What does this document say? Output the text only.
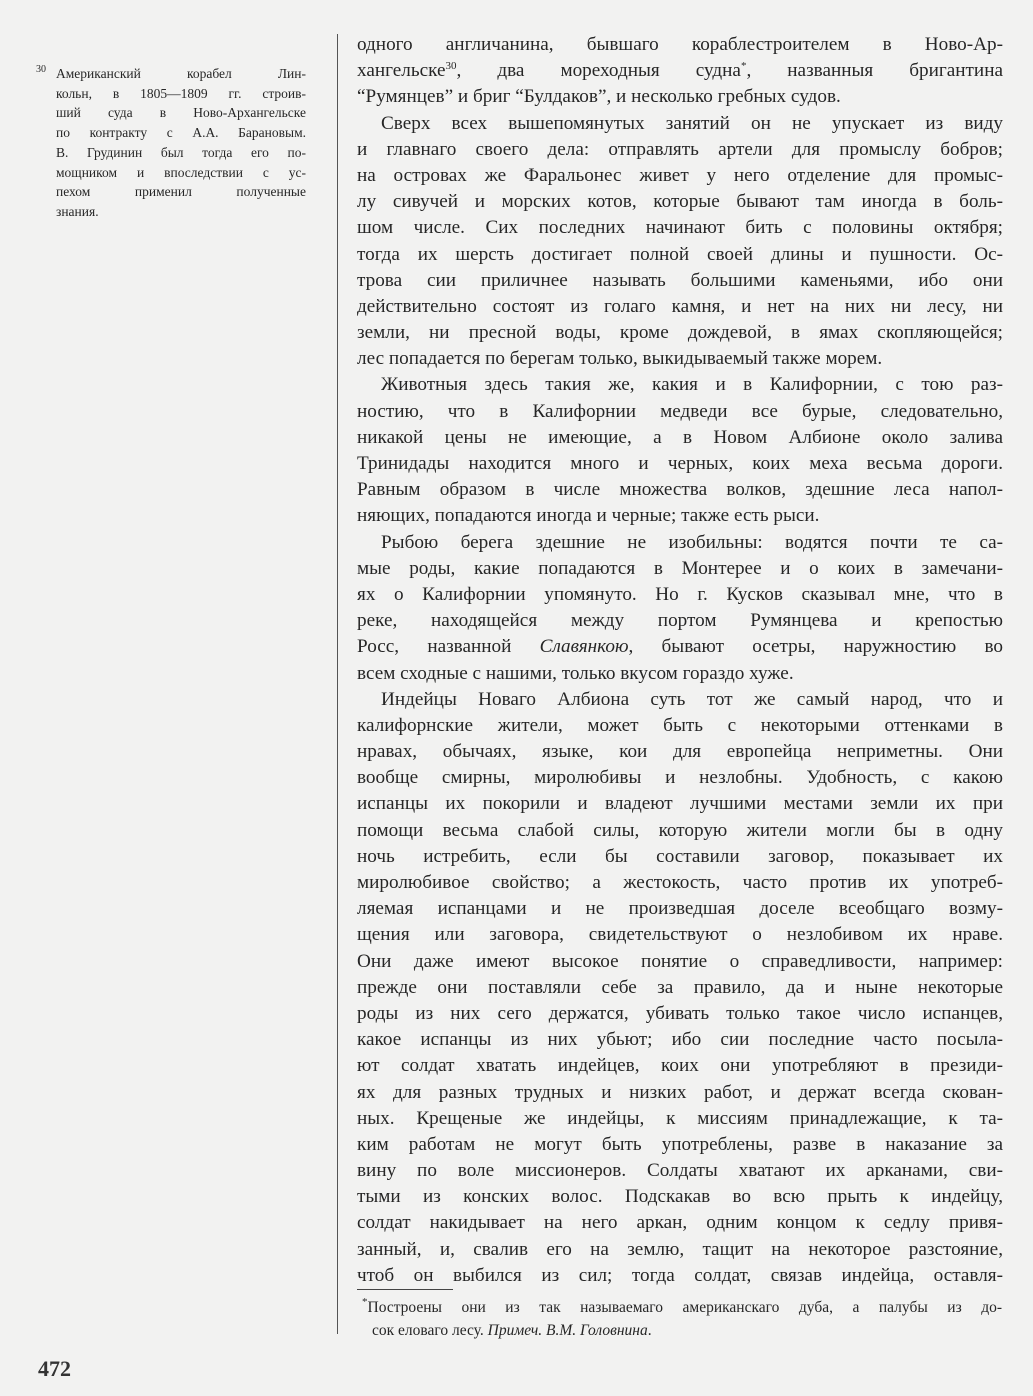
30 Американский корабел Лин-
кольн, в 1805—1809 гг. строив-
ший суда в Ново-Архангельске
по контракту с А.А. Барановым.
В. Грудинин был тогда его по-
мощником и впоследствии с ус-
пехом применил полученные
знания.
одного англичанина, бывшаго кораблестроителем в Ново-Ар-
хангельске$^{30}$, два мореходныя судна*, названныя бригантина
“Румянцев” и бриг “Булдаков”, и несколько гребных судов.
Сверх всех вышепомянутых занятий он не упускает из виду
и главнаго своего дела: отправлять артели для промыслу бобров;
на островах же Фаральонес живет у него отделение для промыс-
лу сивучей и морских котов, которые бывают там иногда в боль-
шом числе. Сих последних начинают бить с половины октября;
тогда их шерсть достигает полной своей длины и пушности. Ос-
трова сии приличнее называть большими каменьями, ибо они
действительно состоят из голаго камня, и нет на них ни лесу, ни
земли, ни пресной воды, кроме дождевой, в ямах скопляющейся;
лес попадается по берегам только, выкидываемый также морем.
Животныя здесь такия же, какия и в Калифорнии, с тою раз-
ностию, что в Калифорнии медведи все бурые, следовательно,
никакой цены не имеющие, а в Новом Албионе около залива
Тринидады находится много и черных, коих меха весьма дороги.
Равным образом в числе множества волков, здешние леса напол-
няющих, попадаются иногда и черные; также есть рыси.
Рыбою берега здешние не изобильны: водятся почти те са-
мые роды, какие попадаются в Монтерее и о коих в замечани-
ях о Калифорнии упомянуто. Но г. Кусков сказывал мне, что в
реке, находящейся между портом Румянцева и крепостью
Росс, названной Славянкою, бывают осетры, наружностию во
всем сходные с нашими, только вкусом гораздо хуже.
Индейцы Новаго Албиона суть тот же самый народ, что и
калифорнские жители, может быть с некоторыми оттенками в
нравах, обычаях, языке, кои для европейца неприметны. Они
вообще смирны, миролюбивы и незлобны. Удобность, с какою
испанцы их покорили и владеют лучшими местами земли их при
помощи весьма слабой силы, которую жители могли бы в одну
ночь истребить, если бы составили заговор, показывает их
миролюбивое свойство; а жестокость, часто против их употреб-
ляемая испанцами и не произведшая доселе всеобщаго возму-
щения или заговора, свидетельствуют о незлобивом их нраве.
Они даже имеют высокое понятие о справедливости, например:
прежде они поставляли себе за правило, да и ныне некоторые
роды из них сего держатся, убивать только такое число испанцев,
какое испанцы из них убьют; ибо сии последние часто посыла-
ют солдат хватать индейцев, коих они употребляют в президи-
ях для разных трудных и низких работ, и держат всегда скован-
ных. Крещеные же индейцы, к миссиям принадлежащие, к та-
ким работам не могут быть употреблены, разве в наказание за
вину по воле миссионеров. Солдаты хватают их арканами, сви-
тыми из конских волос. Подскакав во всю прыть к индейцу,
солдат накидывает на него аркан, одним концом к седлу привя-
занный, и, свалив его на землю, тащит на некоторое разстояние,
чтоб он выбился из сил; тогда солдат, связав индейца, оставля-
*Построены они из так называемаго американскаго дуба, а палубы из до-
сок еловаго лесу. Примеч. В.М. Головнина.
472
